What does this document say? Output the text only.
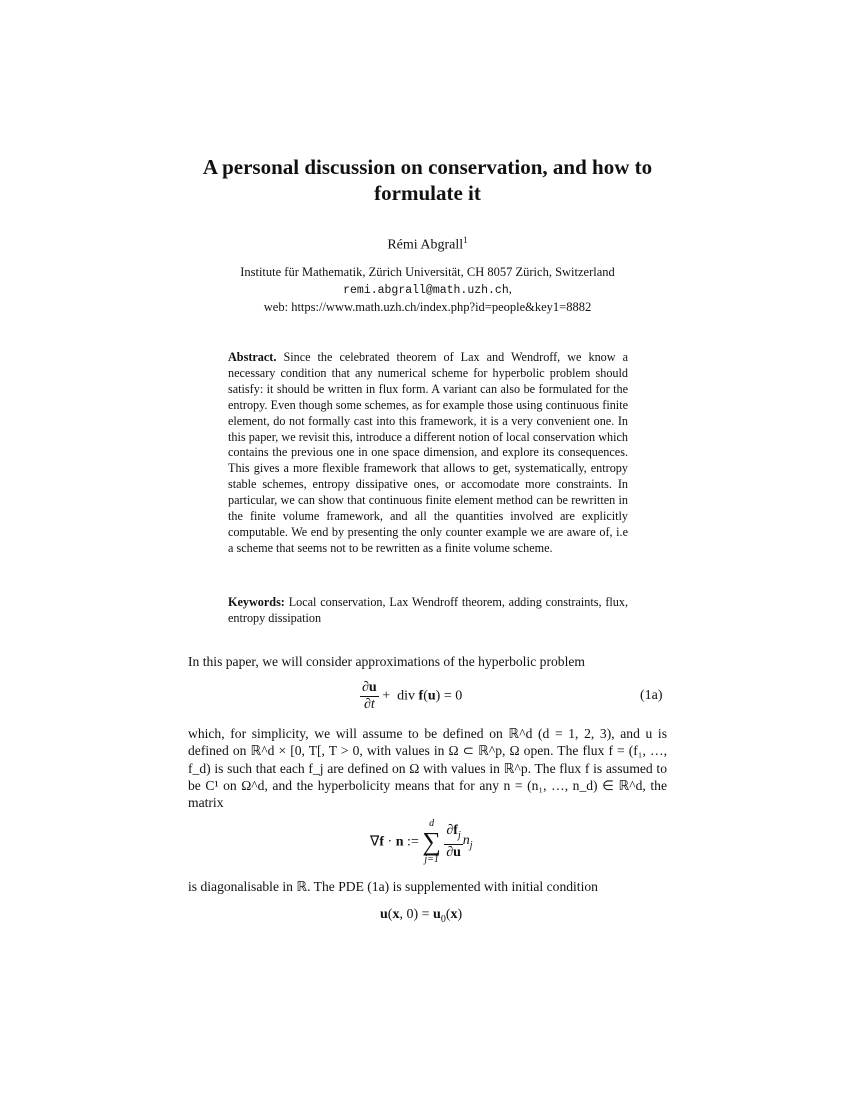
A personal discussion on conservation, and how to formulate it
Rémi Abgrall$^1$
Institute für Mathematik, Zürich Universität, CH 8057 Zürich, Switzerland
remi.abgrall@math.uzh.ch,
web: https://www.math.uzh.ch/index.php?id=people&key1=8882
Abstract. Since the celebrated theorem of Lax and Wendroff, we know a necessary condition that any numerical scheme for hyperbolic problem should satisfy: it should be written in flux form. A variant can also be formulated for the entropy. Even though some schemes, as for example those using continuous finite element, do not formally cast into this framework, it is a very convenient one. In this paper, we revisit this, introduce a different notion of local conservation which contains the previous one in one space dimension, and explore its consequences. This gives a more flexible framework that allows to get, systematically, entropy stable schemes, entropy dissipative ones, or accomodate more constraints. In particular, we can show that continuous finite element method can be rewritten in the finite volume framework, and all the quantities involved are explicitly computable. We end by presenting the only counter example we are aware of, i.e a scheme that seems not to be rewritten as a finite volume scheme.
Keywords: Local conservation, Lax Wendroff theorem, adding constraints, flux, entropy dissipation
In this paper, we will consider approximations of the hyperbolic problem
$\frac{\partial u}{\partial t}$ +  div f(u) = 0	(1a)
which, for simplicity, we will assume to be defined on ℝ^d (d = 1, 2, 3), and u is defined on ℝ^d × [0, T[, T > 0, with values in Ω ⊂ ℝ^p, Ω open. The flux f = (f₁, …, f_d) is such that each f_j are defined on Ω with values in ℝ^p. The flux f is assumed to be C¹ on Ω^d, and the hyperbolicity means that for any n = (n₁, …, n_d) ∈ ℝ^d, the matrix
∇f · n :=
d
∑
j=1
$\frac{\partial f_j}{\partial u} n_j$
is diagonalisable in ℝ. The PDE (1a) is supplemented with initial condition
u(x, $0) = u_0(x)$
